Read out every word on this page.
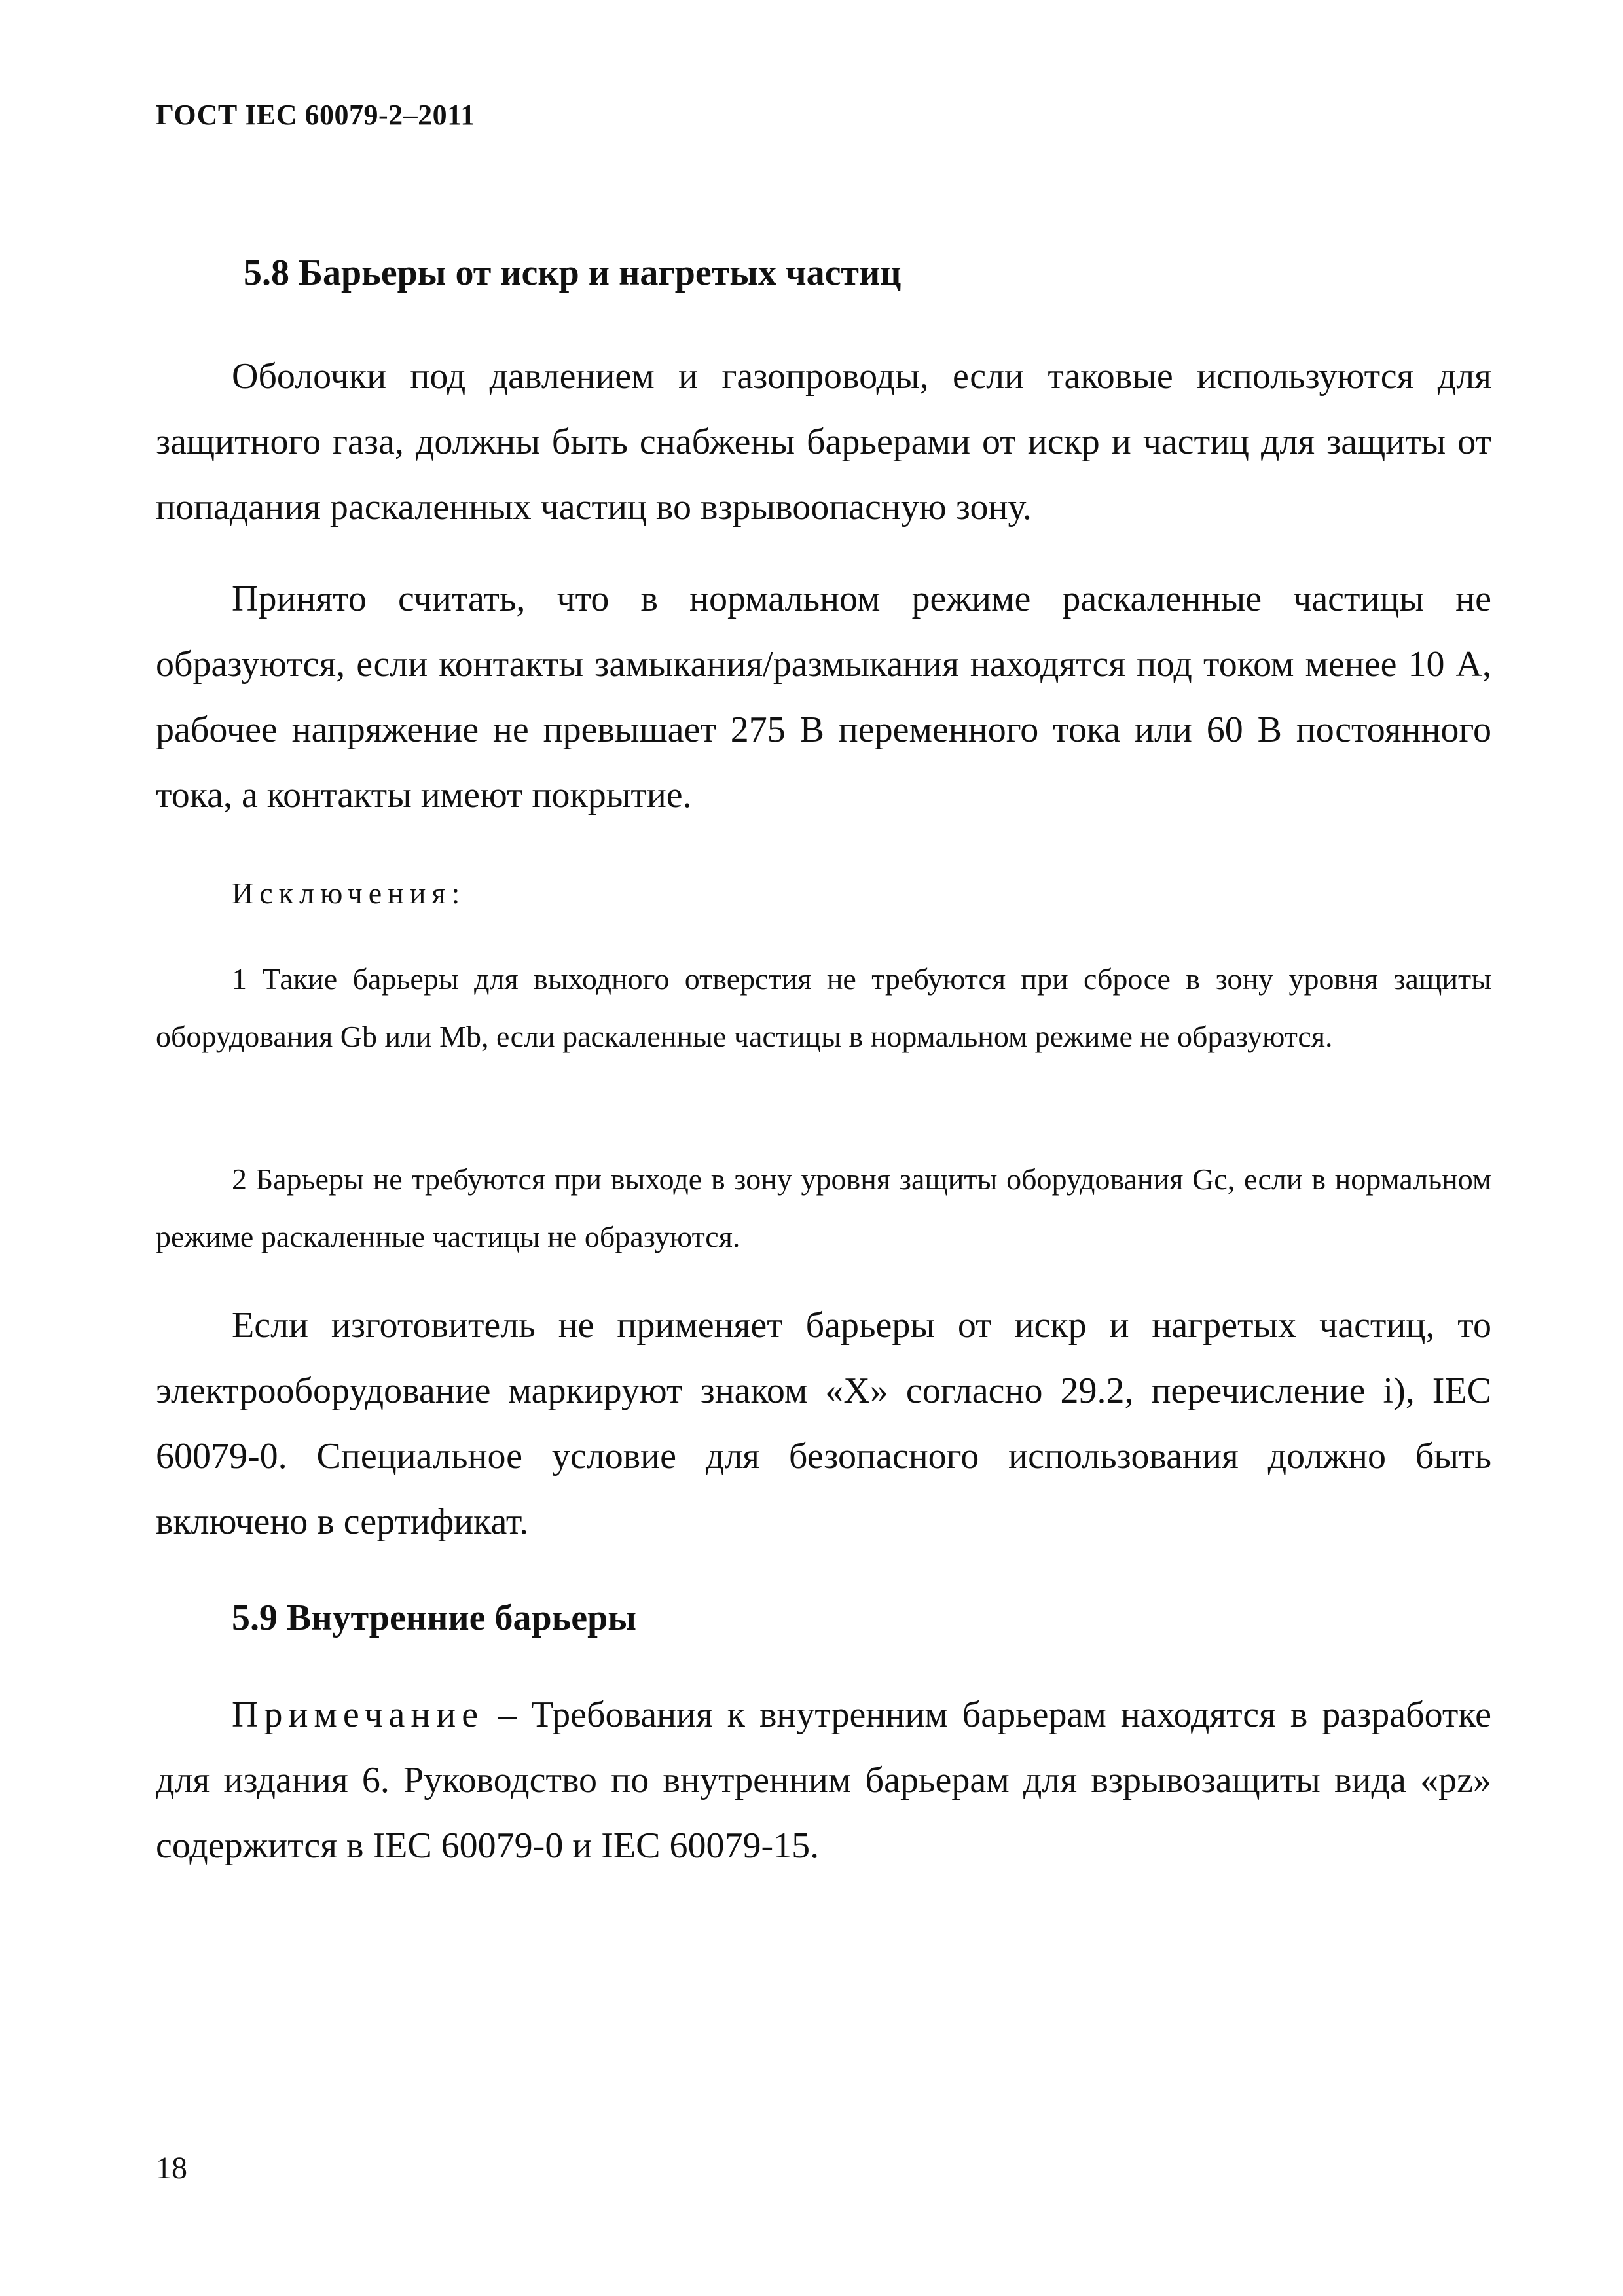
ГОСТ IEC 60079-2–2011
5.8 Барьеры от искр и нагретых частиц

Оболочки под давлением и газопроводы, если таковые используются для защитного газа, должны быть снабжены барьерами от искр и частиц для защиты от попадания раскаленных частиц во взрывоопасную зону.

Принято считать, что в нормальном режиме раскаленные частицы не образуются, если контакты замыкания/размыкания находятся под током менее 10 А, рабочее напряжение не превышает 275 В переменного тока или 60 В постоянного тока, а контакты имеют покрытие.

Исключения:

1 Такие барьеры для выходного отверстия не требуются при сбросе в зону уровня защиты оборудования Gb или Mb, если раскаленные частицы в нормальном режиме не образуются.

2 Барьеры не требуются при выходе в зону уровня защиты оборудования Gc, если в нормальном режиме раскаленные частицы не образуются.

Если изготовитель не применяет барьеры от искр и нагретых частиц, то электрооборудование маркируют знаком «X» согласно 29.2, перечисление i), IEC 60079-0. Специальное условие для безопасного использования должно быть включено в сертификат.

5.9 Внутренние барьеры

Примечание – Требования к внутренним барьерам находятся в разработке для издания 6. Руководство по внутренним барьерам для взрывозащиты вида «pz» содержится в IEC 60079-0 и IEC 60079-15.

18
